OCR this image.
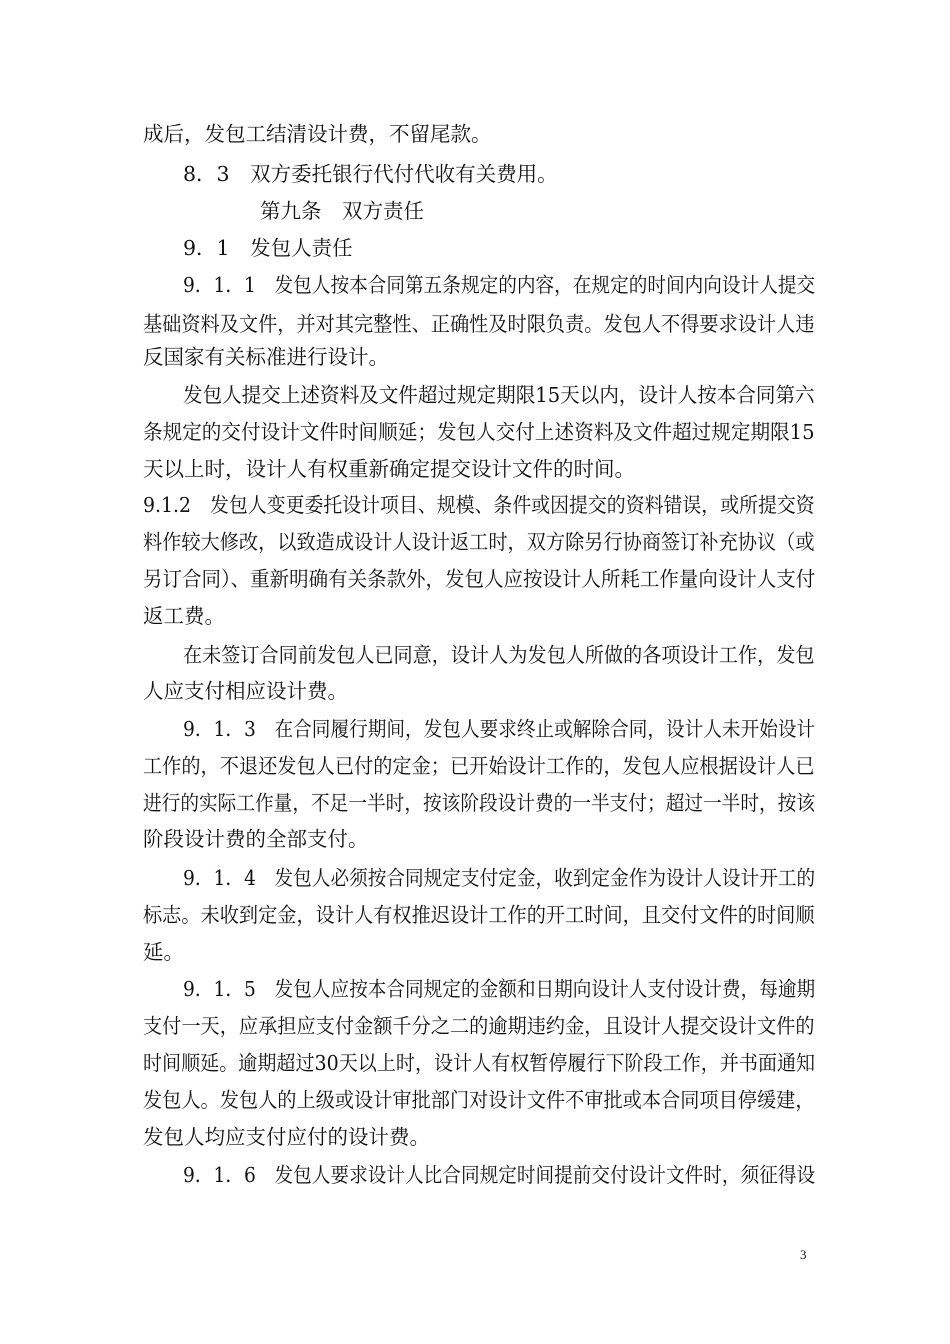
成后，发包工结清设计费，不留尾款。
8．3　双方委托银行代付代收有关费用。
第九条　双方责任
9．1　发包人责任
9．1．1　发包人按本合同第五条规定的内容，在规定的时间内向设计人提交
基础资料及文件，并对其完整性、正确性及时限负责。发包人不得要求设计人违
反国家有关标准进行设计。
发包人提交上述资料及文件超过规定期限15天以内，设计人按本合同第六
条规定的交付设计文件时间顺延；发包人交付上述资料及文件超过规定期限15
天以上时，设计人有权重新确定提交设计文件的时间。
9.1.2　发包人变更委托设计项目、规模、条件或因提交的资料错误，或所提交资
料作较大修改，以致造成设计人设计返工时，双方除另行协商签订补充协议（或
另订合同）、重新明确有关条款外，发包人应按设计人所耗工作量向设计人支付
返工费。
在未签订合同前发包人已同意，设计人为发包人所做的各项设计工作，发包
人应支付相应设计费。
9．1．3　在合同履行期间，发包人要求终止或解除合同，设计人未开始设计
工作的，不退还发包人已付的定金；已开始设计工作的，发包人应根据设计人已
进行的实际工作量，不足一半时，按该阶段设计费的一半支付；超过一半时，按该
阶段设计费的全部支付。
9．1．4　发包人必须按合同规定支付定金，收到定金作为设计人设计开工的
标志。未收到定金，设计人有权推迟设计工作的开工时间，且交付文件的时间顺
延。
9．1．5　发包人应按本合同规定的金额和日期向设计人支付设计费，每逾期
支付一天，应承担应支付金额千分之二的逾期违约金，且设计人提交设计文件的
时间顺延。逾期超过30天以上时，设计人有权暂停履行下阶段工作，并书面通知
发包人。发包人的上级或设计审批部门对设计文件不审批或本合同项目停缓建，
发包人均应支付应付的设计费。
9．1．6　发包人要求设计人比合同规定时间提前交付设计文件时，须征得设
3
